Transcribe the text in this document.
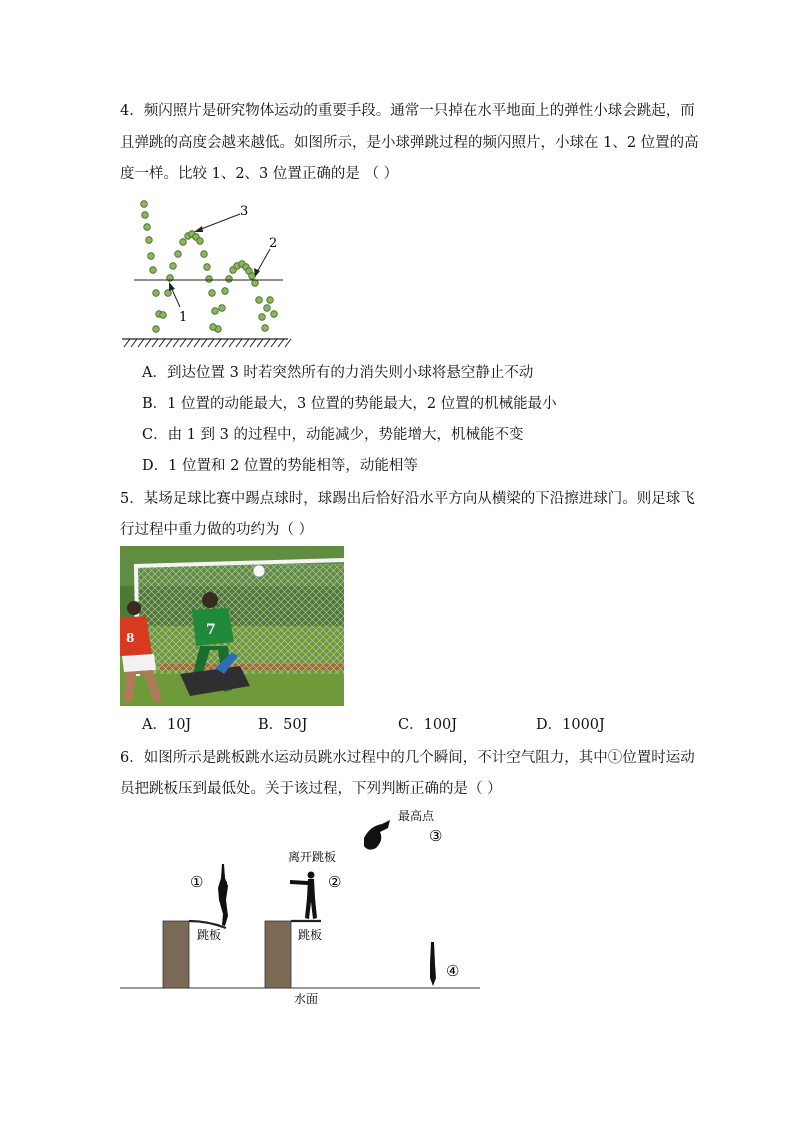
4．频闪照片是研究物体运动的重要手段。通常一只掉在水平地面上的弹性小球会跳起，而
且弹跳的高度会越来越低。如图所示，是小球弹跳过程的频闪照片，小球在 1、2 位置的高
度一样。比较 1、2、3 位置正确的是 （ ）
3
2
1
A．到达位置 3 时若突然所有的力消失则小球将悬空静止不动
B．1 位置的动能最大，3 位置的势能最大，2 位置的机械能最小
C．由 1 到 3 的过程中，动能减少，势能增大，机械能不变
D．1 位置和 2 位置的势能相等，动能相等
5．某场足球比赛中踢点球时，球踢出后恰好沿水平方向从横梁的下沿擦进球门。则足球飞
行过程中重力做的功约为（ ）
7
8
A．10J	B．50J	C．100J	D．1000J
6．如图所示是跳板跳水运动员跳水过程中的几个瞬间，不计空气阻力，其中①位置时运动
员把跳板压到最低处。关于该过程，下列判断正确的是（ ）
水面
跳板
①
跳板
离开跳板
②
最高点
③
④
